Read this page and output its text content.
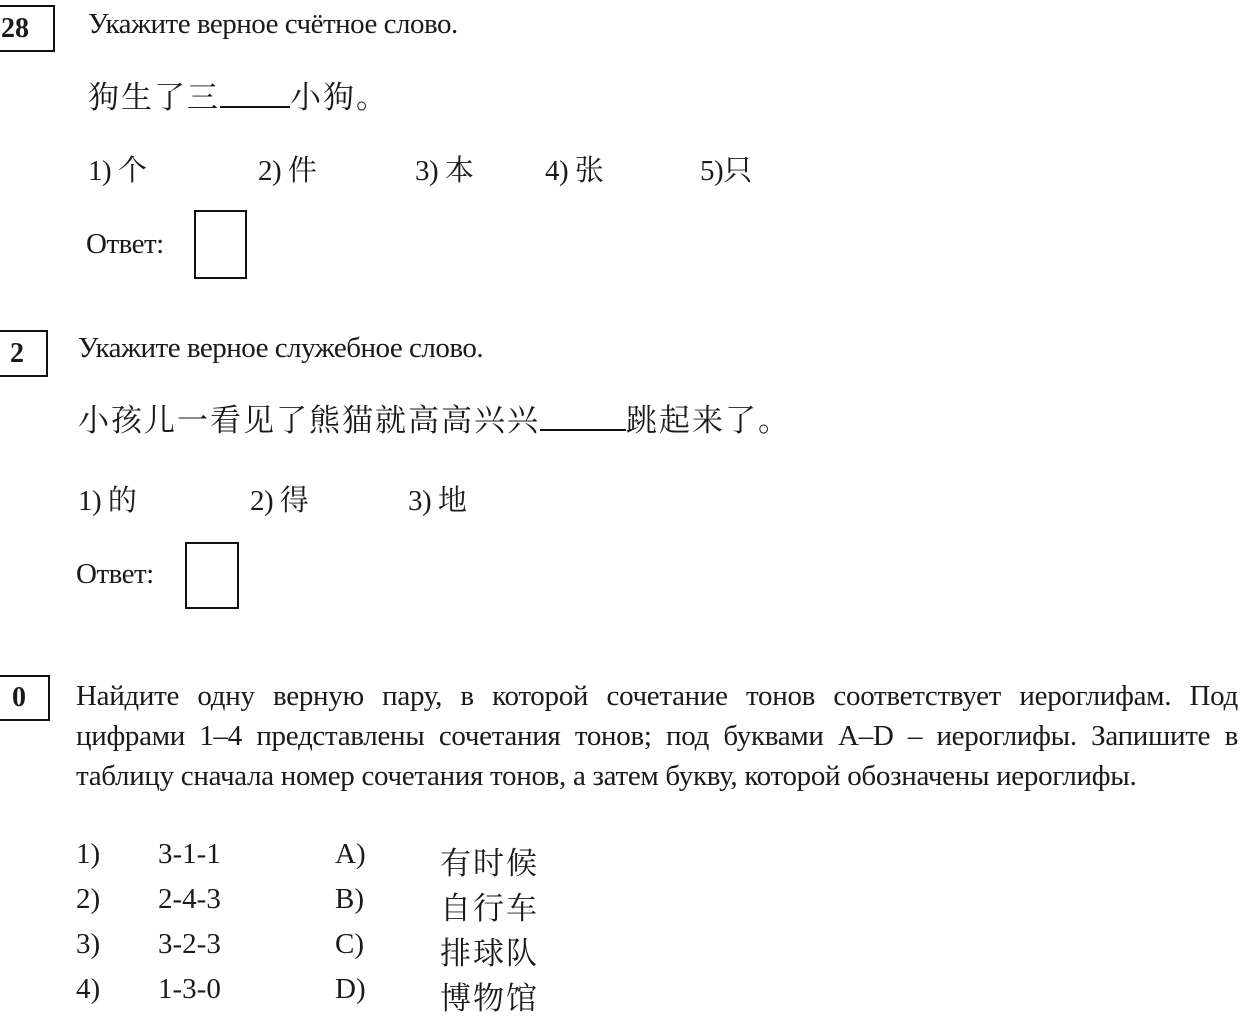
28 Укажите верное счётное слово.
狗生了三 小狗。
1) 个	2) 件	3) 本 4) 张	5)只
Ответ:
2 Укажите верное служебное слово.
小孩儿一看见了熊猫就高高兴兴	跳起来了。
1) 的	2) 得	3) 地
Ответ:
0 Найдите одну верную пару, в которой сочетание тонов соответствует иероглифам. Под цифрами 1–4 представлены сочетания тонов; под буквами A–D – иероглифы. Запишите в таблицу сначала номер сочетания тонов, а затем букву, которой обозначены иероглифы.
1) 3-1-1	A) 有时候
2) 2-4-3	B) 自行车
3) 3-2-3	C) 排球队
4) 1-3-0	D) 博物馆
